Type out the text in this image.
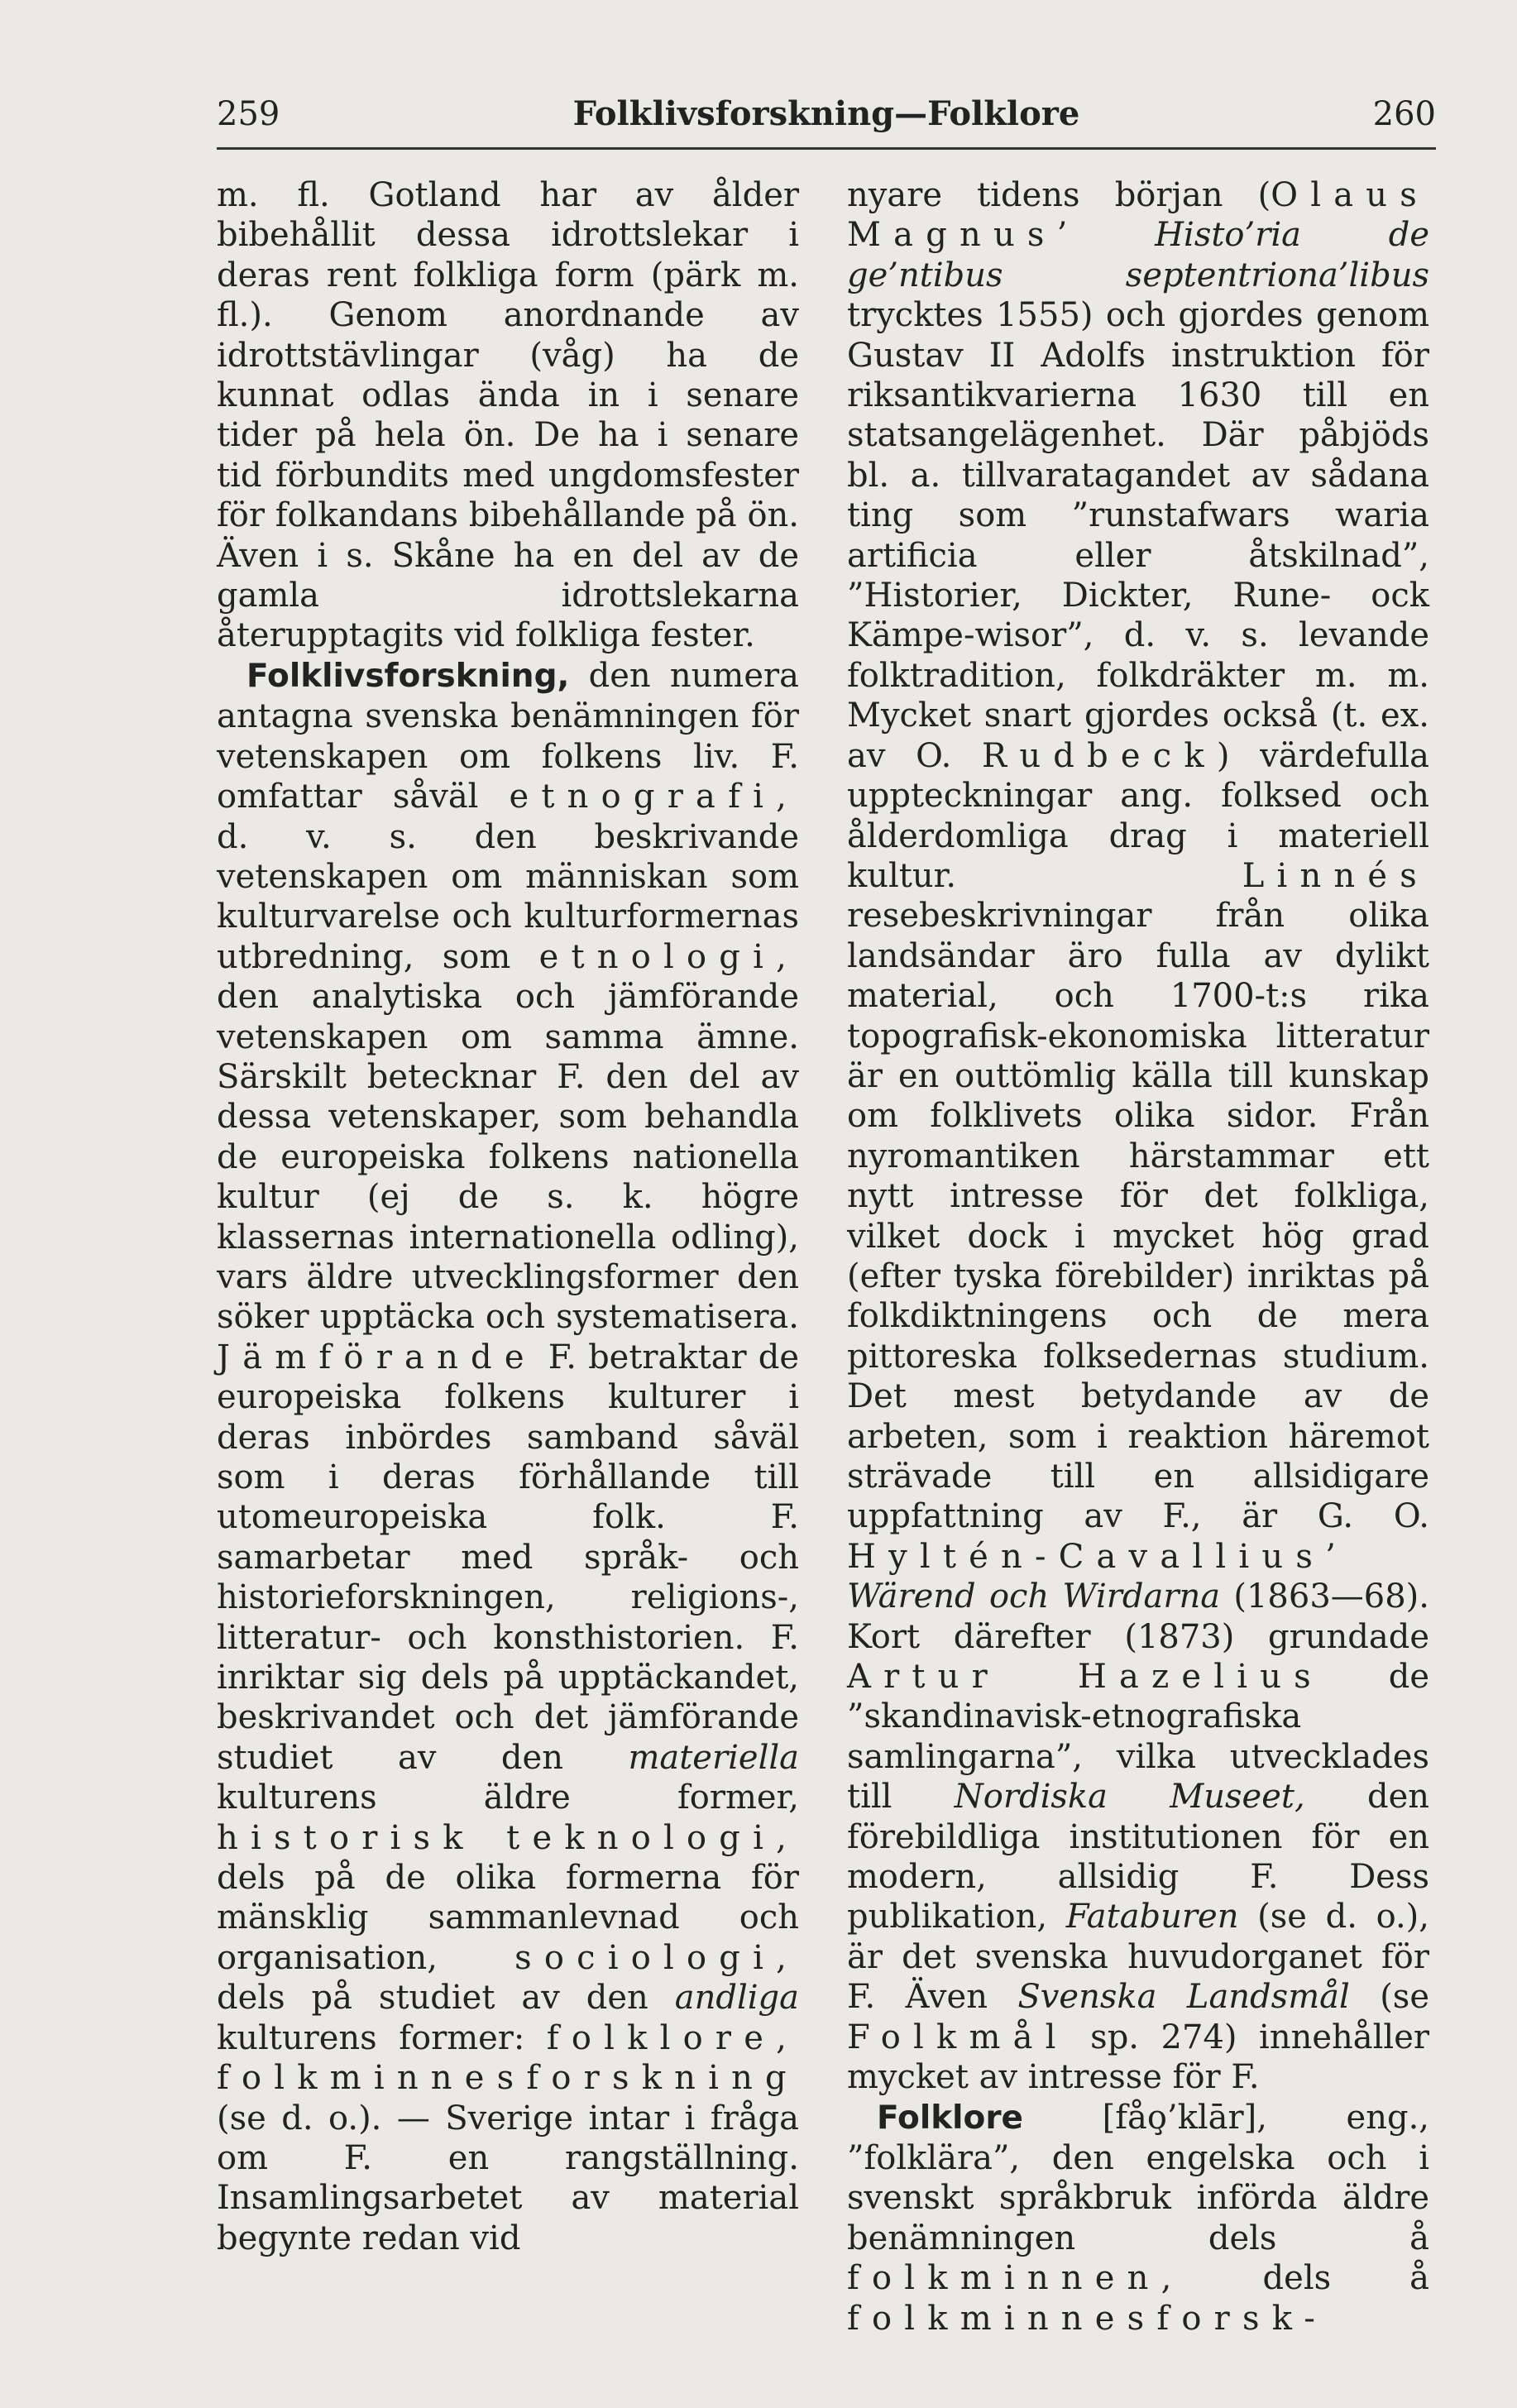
259	Folklivsforskning—Folklore	260

m. fl. Gotland har av ålder bibehållit dessa idrottslekar i deras rent folkliga form (pärk m. fl.). Genom anordnande av idrottstävlingar (våg) ha de kunnat odlas ända in i senare tider på hela ön. De ha i senare tid förbundits med ungdomsfester för folkandans bibehållande på ön. Även i s. Skåne ha en del av de gamla idrottslekarna återupptagits vid folkliga fester.

Folklivsforskning, den numera antagna svenska benämningen för vetenskapen om folkens liv. F. omfattar såväl etnografi, d. v. s. den beskrivande vetenskapen om människan som kulturvarelse och kulturformernas utbredning, som etnologi, den analytiska och jämförande vetenskapen om samma ämne. Särskilt betecknar F. den del av dessa vetenskaper, som behandla de europeiska folkens nationella kultur (ej de s. k. högre klassernas internationella odling), vars äldre utvecklingsformer den söker upptäcka och systematisera. Jämförande F. betraktar de europeiska folkens kulturer i deras inbördes samband såväl som i deras förhållande till utomeuropeiska folk. F. samarbetar med språk- och historieforskningen, religions-, litteratur- och konsthistorien. F. inriktar sig dels på upptäckandet, beskrivandet och det jämförande studiet av den materiella kulturens äldre former, historisk teknologi, dels på de olika formerna för mänsklig sammanlevnad och organisation, sociologi, dels på studiet av den andliga kulturens former: folklore, folkminnesforskning (se d. o.). — Sverige intar i fråga om F. en rangställning. Insamlingsarbetet av material begynte redan vid

nyare tidens början (Olaus Magnus’ Histo’ria de ge’ntibus septentriona’libus trycktes 1555) och gjordes genom Gustav II Adolfs instruktion för riksantikvarierna 1630 till en statsangelägenhet. Där påbjöds bl. a. tillvaratagandet av sådana ting som ”runstafwars waria artificia eller åtskilnad”, ”Historier, Dickter, Rune- ock Kämpe-wisor”, d. v. s. levande folktradition, folkdräkter m. m. Mycket snart gjordes också (t. ex. av O. Rudbeck) värdefulla uppteckningar ang. folksed och ålderdomliga drag i materiell kultur. Linnés resebeskrivningar från olika landsändar äro fulla av dylikt material, och 1700-t:s rika topografisk-ekonomiska litteratur är en outtömlig källa till kunskap om folklivets olika sidor. Från nyromantiken härstammar ett nytt intresse för det folkliga, vilket dock i mycket hög grad (efter tyska förebilder) inriktas på folkdiktningens och de mera pittoreska folksedernas studium. Det mest betydande av de arbeten, som i reaktion häremot strävade till en allsidigare uppfattning av F., är G. O. Hyltén-Cavallius’ Wärend och Wirdarna (1863—68). Kort därefter (1873) grundade Artur Hazelius de ”skandinavisk-etnografiska samlingarna”, vilka utvecklades till Nordiska Museet, den förebildliga institutionen för en modern, allsidig F. Dess publikation, Fataburen (se d. o.), är det svenska huvudorganet för F. Även Svenska Landsmål (se Folkmål sp. 274) innehåller mycket av intresse för F.

Folklore [fåo̧’klār], eng., ”folklära”, den engelska och i svenskt språkbruk införda äldre benämningen dels å folkminnen, dels å folkminnesforsk-
